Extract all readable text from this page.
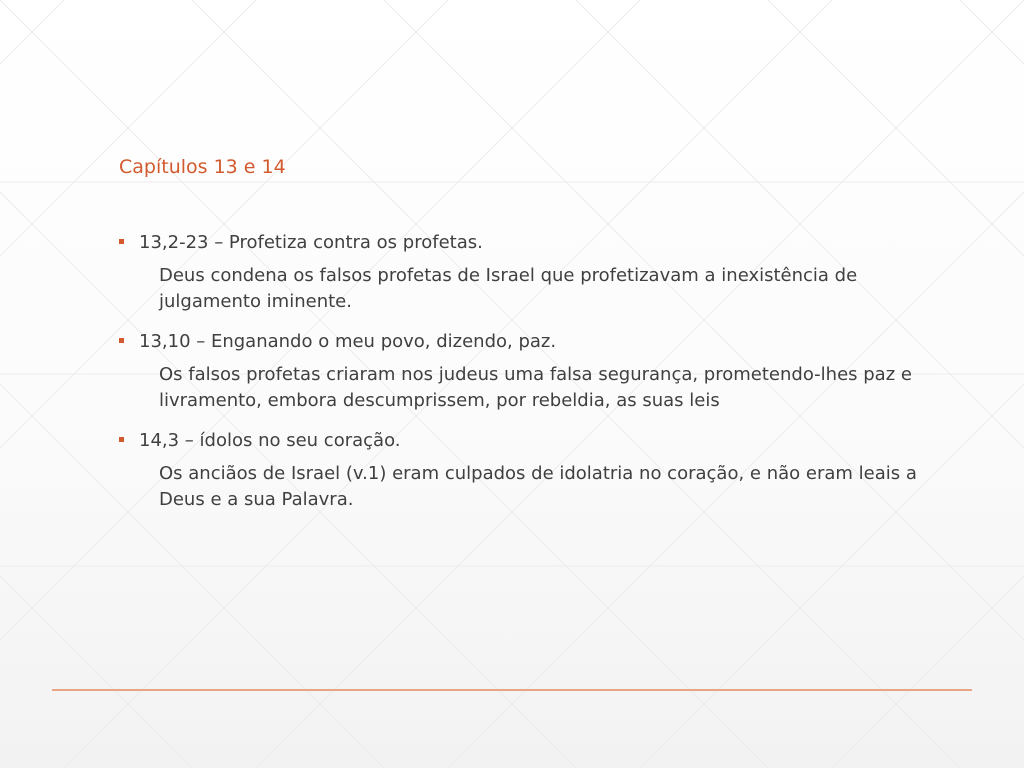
Capítulos 13 e 14
13,2-23 – Profetiza contra os profetas.
Deus condena os falsos profetas de Israel que profetizavam a inexistência de julgamento iminente.
13,10 – Enganando o meu povo, dizendo, paz.
Os falsos profetas criaram nos judeus uma falsa segurança, prometendo-lhes paz e livramento, embora descumprissem, por rebeldia, as suas leis
14,3 – ídolos no seu coração.
Os anciãos de Israel (v.1) eram culpados de idolatria no coração, e não eram leais a Deus e a sua Palavra.
